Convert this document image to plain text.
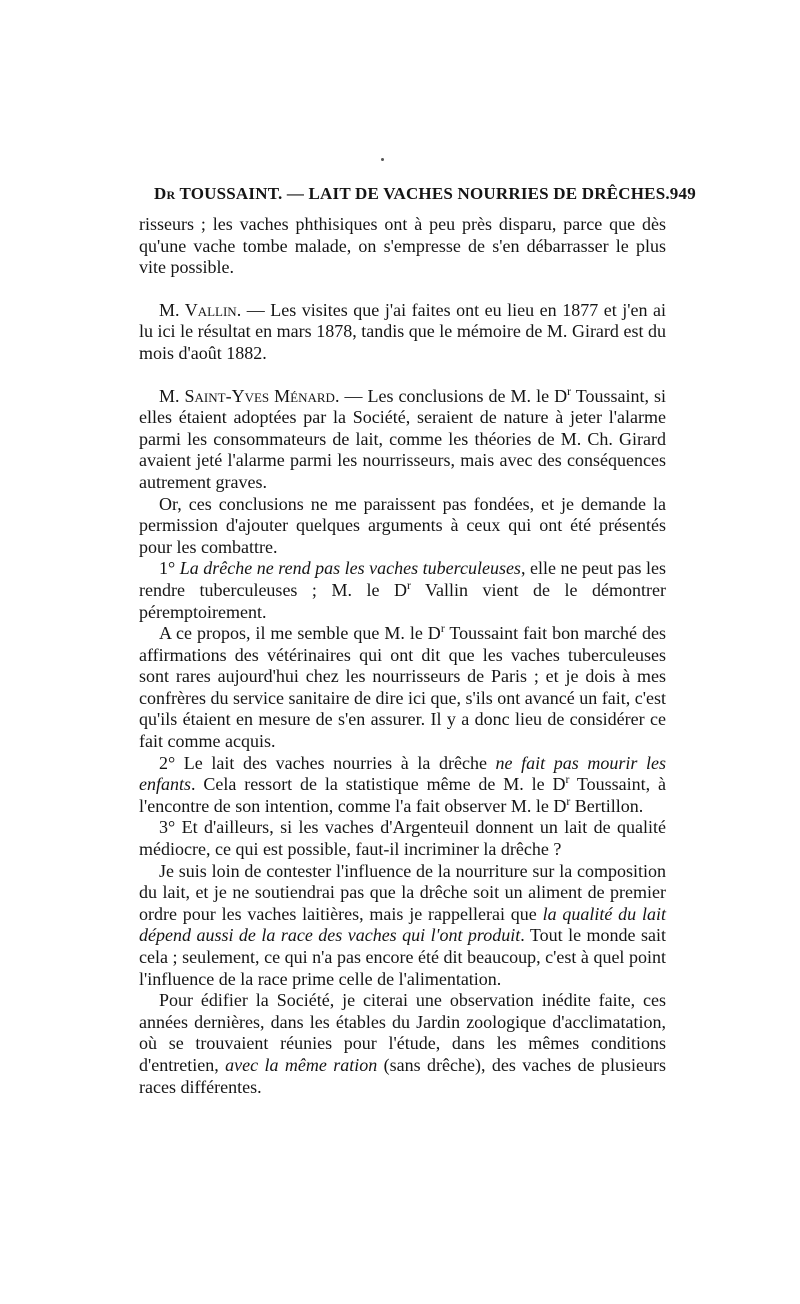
Dr TOUSSAINT. — LAIT DE VACHES NOURRIES DE DRÊCHES. 949

risseurs ; les vaches phthisiques ont à peu près disparu, parce que dès qu'une vache tombe malade, on s'empresse de s'en débarrasser le plus vite possible.

M. Vallin. — Les visites que j'ai faites ont eu lieu en 1877 et j'en ai lu ici le résultat en mars 1878, tandis que le mémoire de M. Girard est du mois d'août 1882.

M. Saint-Yves Ménard. — Les conclusions de M. le $D^r$ Toussaint, si elles étaient adoptées par la Société, seraient de nature à jeter l'alarme parmi les consommateurs de lait, comme les théories de M. Ch. Girard avaient jeté l'alarme parmi les nourrisseurs, mais avec des conséquences autrement graves.

Or, ces conclusions ne me paraissent pas fondées, et je demande la permission d'ajouter quelques arguments à ceux qui ont été présentés pour les combattre.

1° La drêche ne rend pas les vaches tuberculeuses, elle ne peut pas les rendre tuberculeuses ; M. le $D^r$ Vallin vient de le démontrer péremptoirement.

A ce propos, il me semble que M. le $D^r$ Toussaint fait bon marché des affirmations des vétérinaires qui ont dit que les vaches tuberculeuses sont rares aujourd'hui chez les nourrisseurs de Paris ; et je dois à mes confrères du service sanitaire de dire ici que, s'ils ont avancé un fait, c'est qu'ils étaient en mesure de s'en assurer. Il y a donc lieu de considérer ce fait comme acquis.

2° Le lait des vaches nourries à la drêche ne fait pas mourir les enfants. Cela ressort de la statistique même de M. le $D^r$ Toussaint, à l'encontre de son intention, comme l'a fait observer M. le $D^r$ Bertillon.

3° Et d'ailleurs, si les vaches d'Argenteuil donnent un lait de qualité médiocre, ce qui est possible, faut-il incriminer la drêche ?

Je suis loin de contester l'influence de la nourriture sur la composition du lait, et je ne soutiendrai pas que la drêche soit un aliment de premier ordre pour les vaches laitières, mais je rappellerai que la qualité du lait dépend aussi de la race des vaches qui l'ont produit. Tout le monde sait cela ; seulement, ce qui n'a pas encore été dit beaucoup, c'est à quel point l'influence de la race prime celle de l'alimentation.

Pour édifier la Société, je citerai une observation inédite faite, ces années dernières, dans les étables du Jardin zoologique d'acclimatation, où se trouvaient réunies pour l'étude, dans les mêmes conditions d'entretien, avec la même ration (sans drêche), des vaches de plusieurs races différentes.
